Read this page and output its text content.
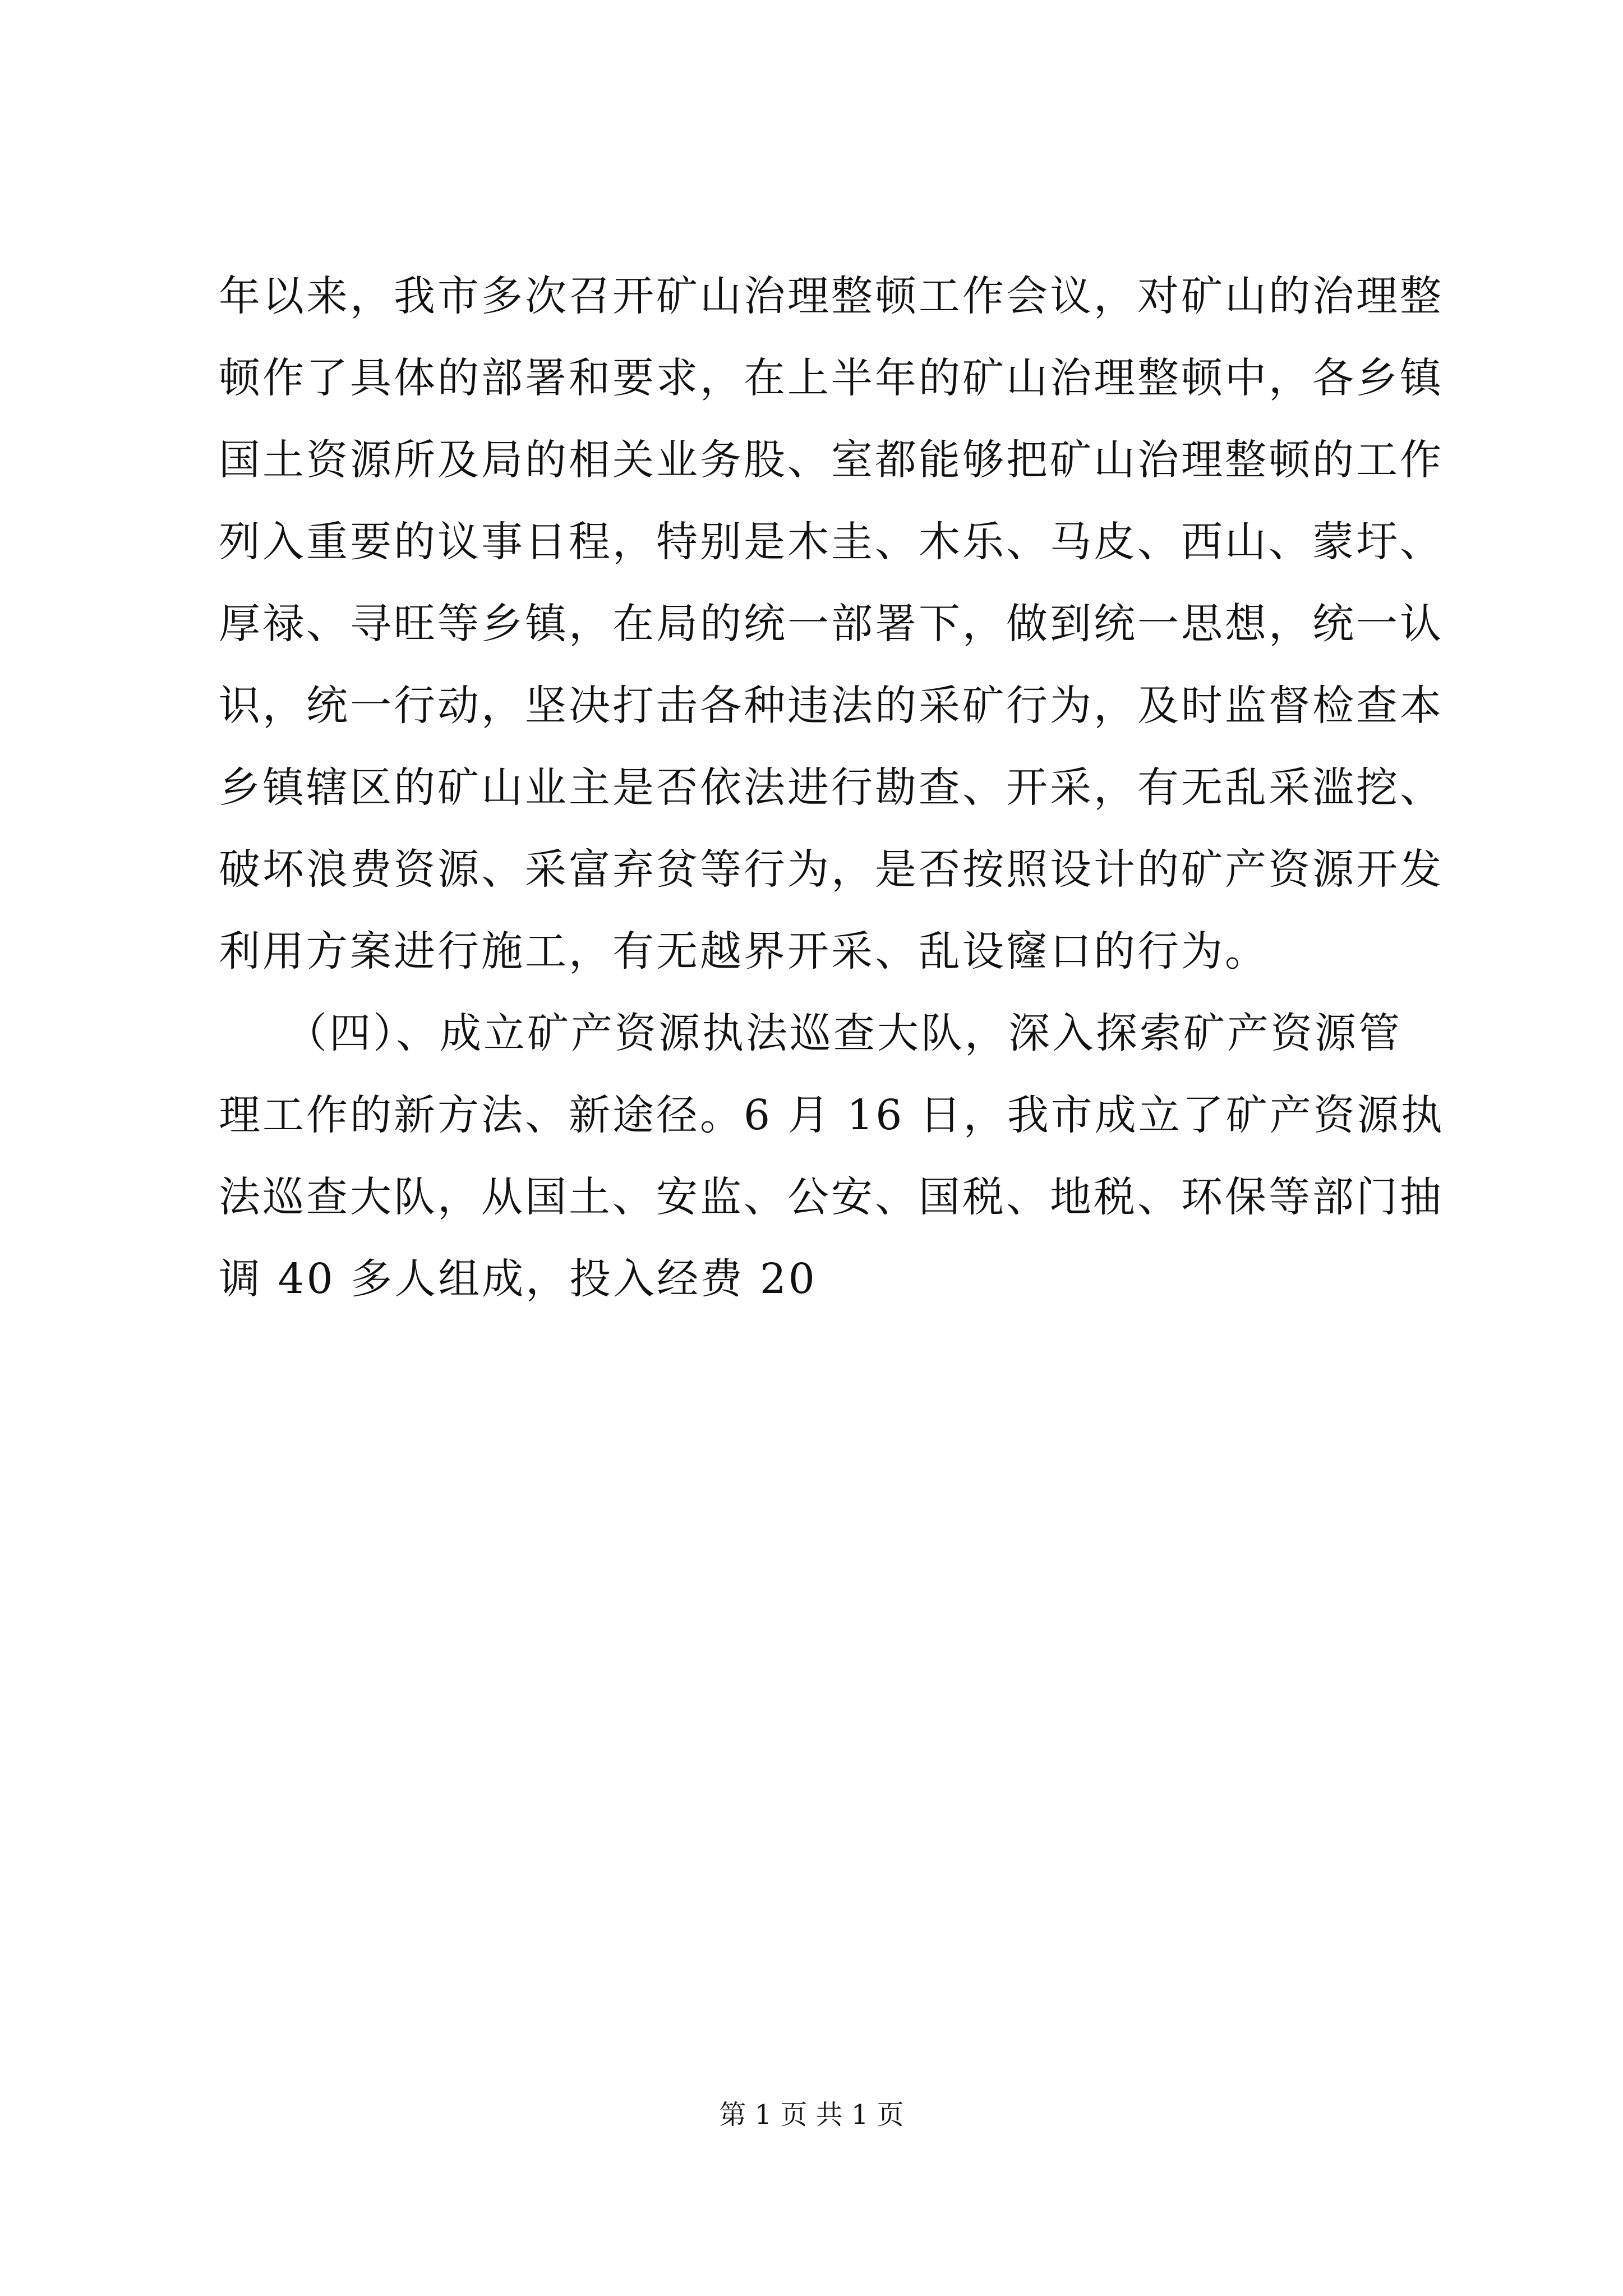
年以来，我市多次召开矿山治理整顿工作会议，对矿山的治理整
顿作了具体的部署和要求，在上半年的矿山治理整顿中，各乡镇
国土资源所及局的相关业务股、室都能够把矿山治理整顿的工作
列入重要的议事日程，特别是木圭、木乐、马皮、西山、蒙圩、
厚禄、寻旺等乡镇，在局的统一部署下，做到统一思想，统一认
识，统一行动，坚决打击各种违法的采矿行为，及时监督检查本
乡镇辖区的矿山业主是否依法进行勘查、开采，有无乱采滥挖、
破坏浪费资源、采富弃贫等行为，是否按照设计的矿产资源开发
利用方案进行施工，有无越界开采、乱设窿口的行为。
　　（四）、成立矿产资源执法巡查大队，深入探索矿产资源管
理工作的新方法、新途径。6 月 16 日，我市成立了矿产资源执
法巡查大队，从国土、安监、公安、国税、地税、环保等部门抽
调 40 多人组成，投入经费 20
第 1 页 共 1 页
